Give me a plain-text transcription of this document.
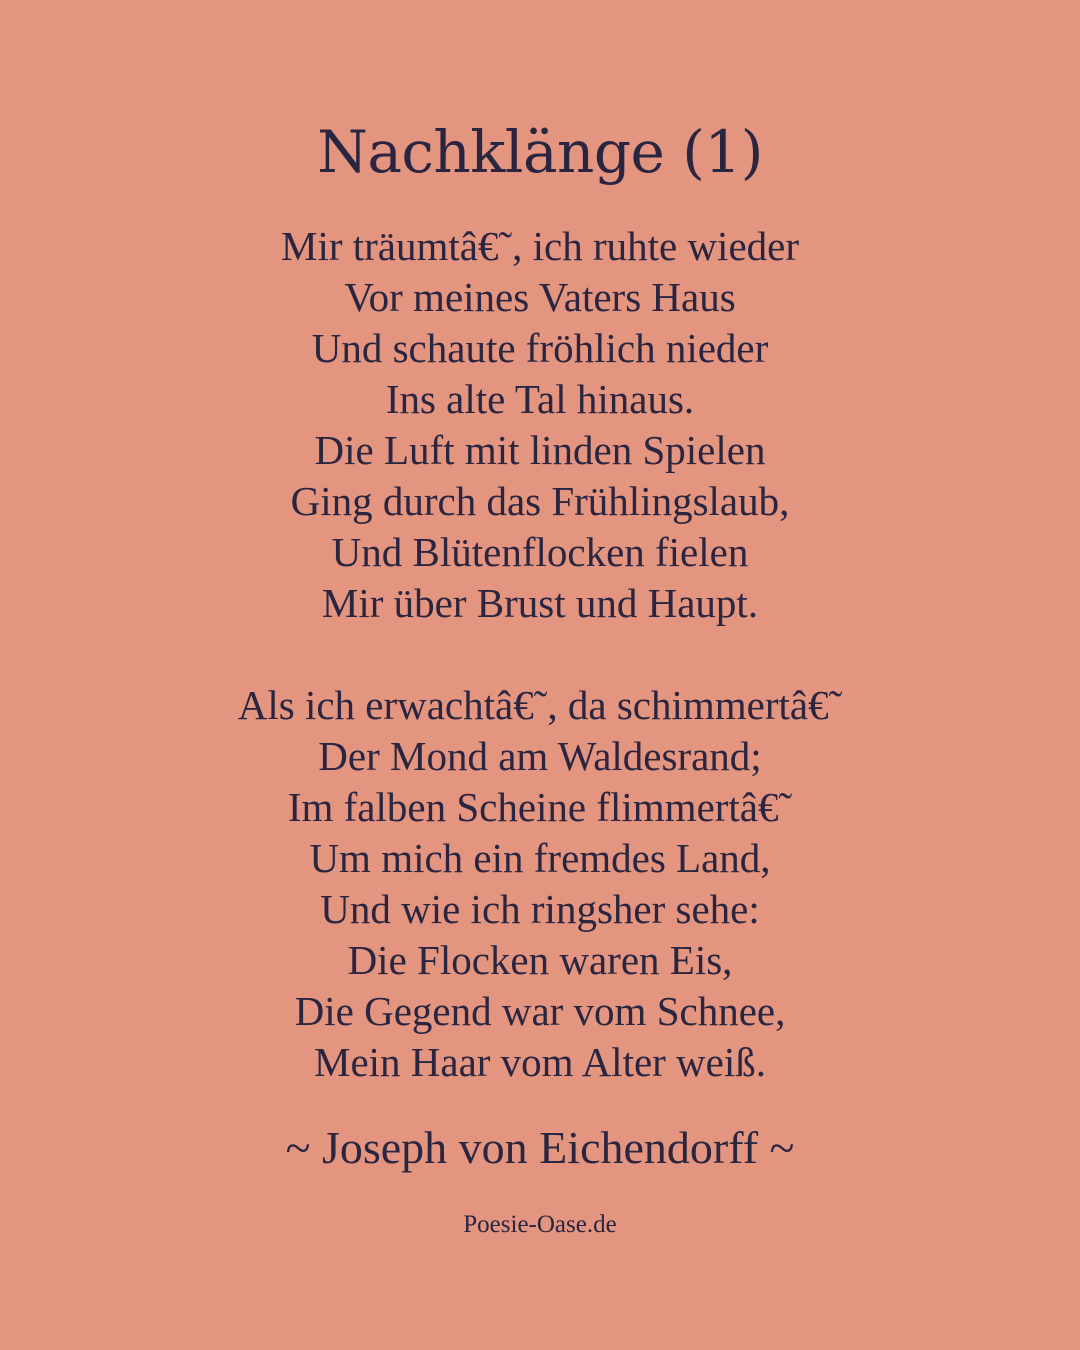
Nachklänge (1)
Mir träumtâ€˜, ich ruhte wieder
Vor meines Vaters Haus
Und schaute fröhlich nieder
Ins alte Tal hinaus.
Die Luft mit linden Spielen
Ging durch das Frühlingslaub,
Und Blütenflocken fielen
Mir über Brust und Haupt.
Als ich erwachtâ€˜, da schimmertâ€˜
Der Mond am Waldesrand;
Im falben Scheine flimmertâ€˜
Um mich ein fremdes Land,
Und wie ich ringsher sehe:
Die Flocken waren Eis,
Die Gegend war vom Schnee,
Mein Haar vom Alter weiß.

~ Joseph von Eichendorff ~

Poesie-Oase.de
